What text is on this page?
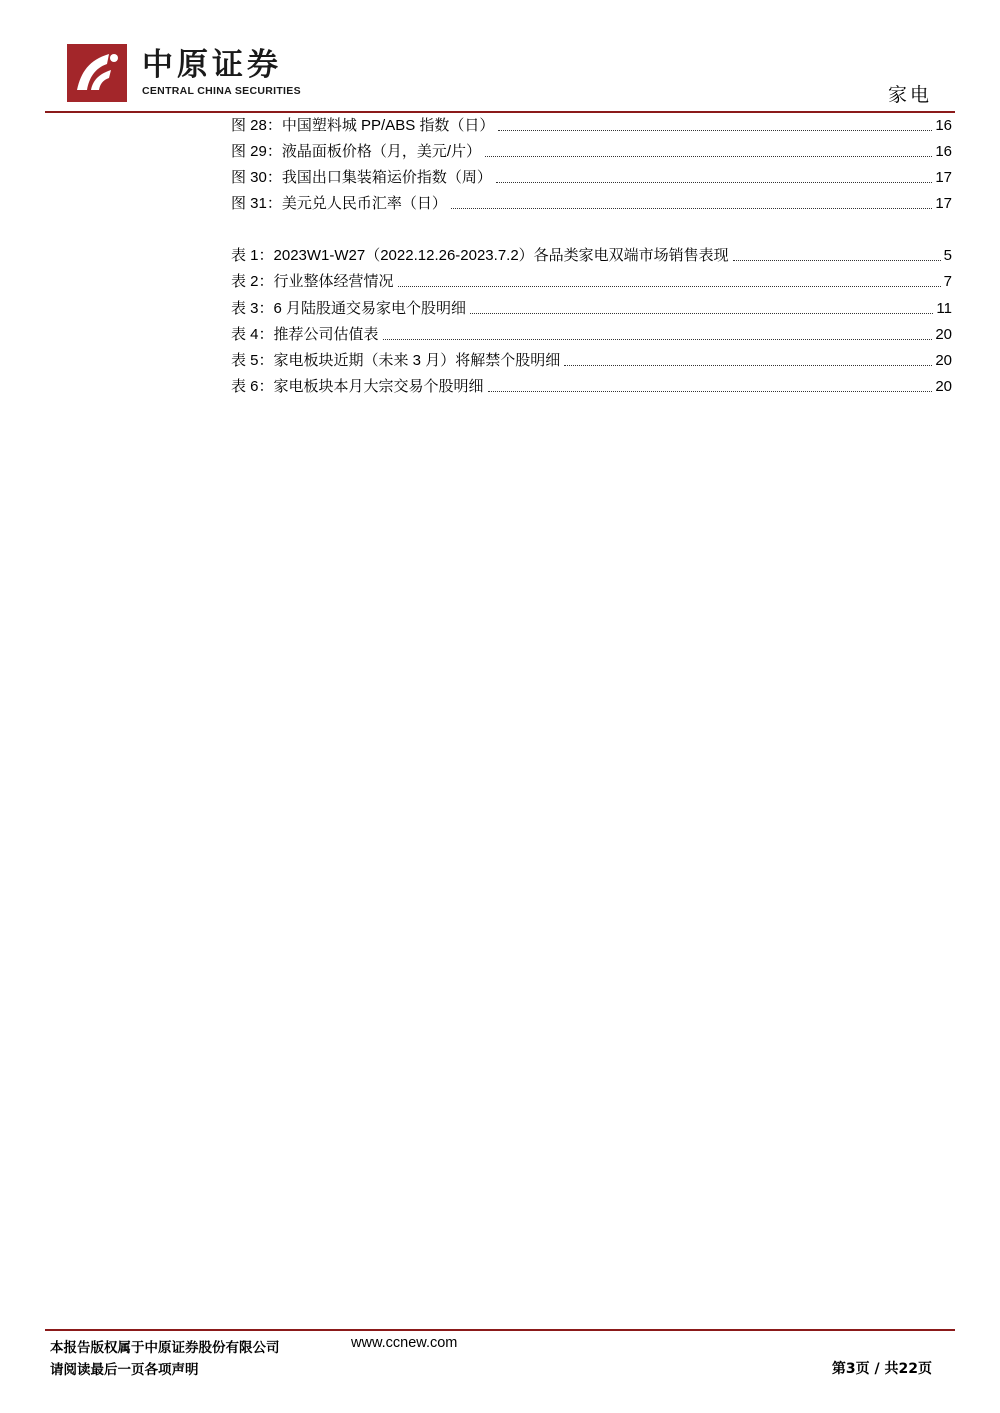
中原证券
CENTRAL CHINA SECURITIES	家电
图 28：中国塑料城 PP/ABS 指数（日）	16
图 29：液晶面板价格（月，美元/片）	16
图 30：我国出口集装箱运价指数（周）	17
图 31：美元兑人民币汇率（日）	17
表 1：2023W1-W27（2022.12.26-2023.7.2）各品类家电双端市场销售表现	5
表 2：行业整体经营情况	7
表 3：6 月陆股通交易家电个股明细	11
表 4：推荐公司估值表	20
表 5：家电板块近期（未来 3 月）将解禁个股明细	20
表 6：家电板块本月大宗交易个股明细	20
本报告版权属于中原证券股份有限公司	www.ccnew.com
请阅读最后一页各项声明	第3页 / 共22页
